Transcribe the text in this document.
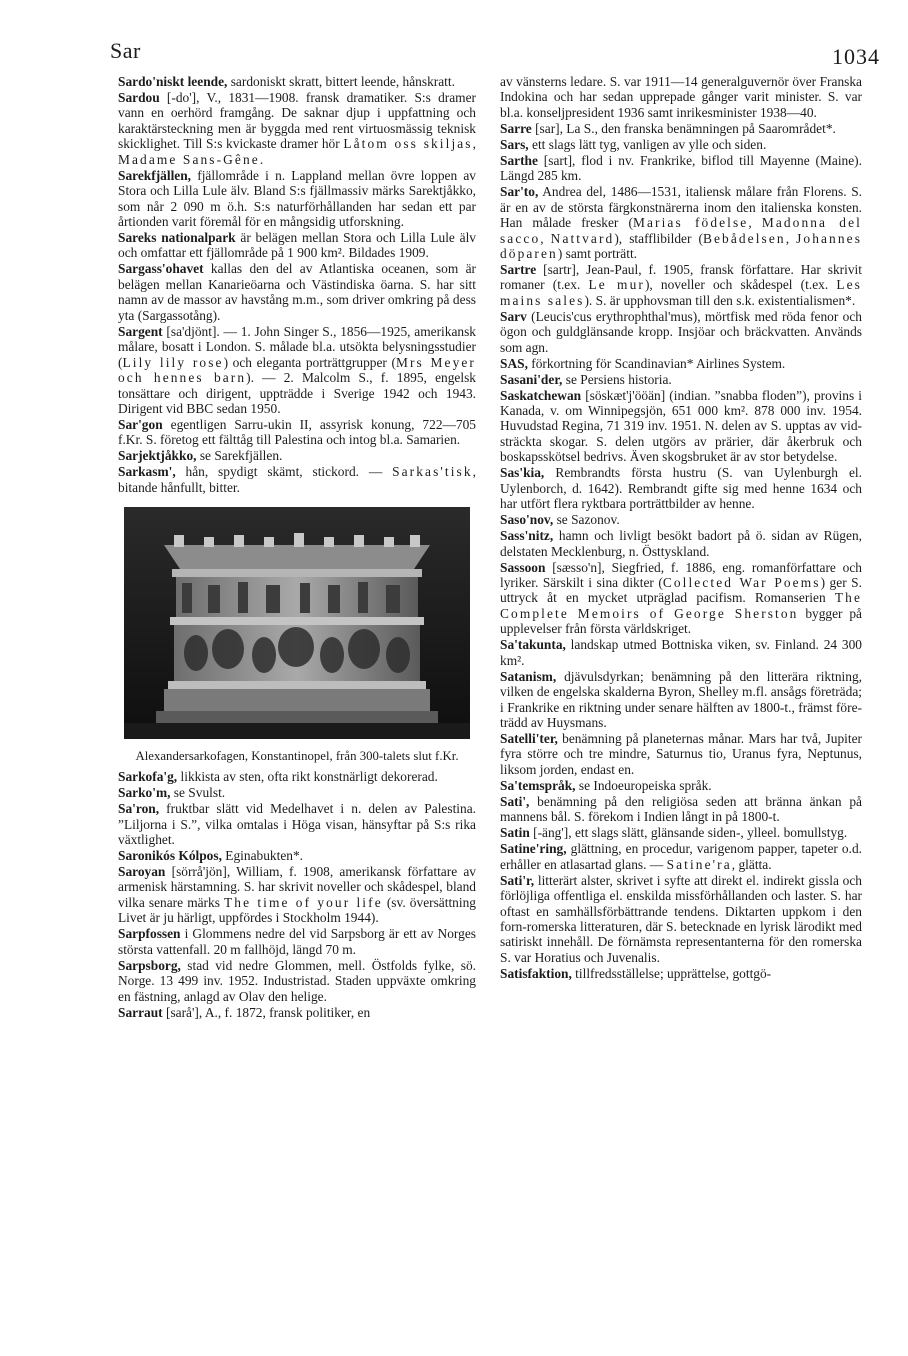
Sar	1034

Sardo'niskt leende, sardoniskt skratt, bittert leende, hånskratt.

Sardou [-do'], V., 1831—1908. fransk dramatiker. S:s dramer vann en oerhörd framgång. De saknar djup i uppfattning och karaktärsteckning men är byggda med rent virtuosmässig teknisk skicklighet. Till S:s kvickaste dramer hör Låtom oss skiljas, Madame Sans-Gêne.

Sarekfjällen, fjällområde i n. Lappland mellan övre loppen av Stora och Lilla Lule älv. Bland S:s fjällmassiv märks Sarektjåkko, som når 2 090 m ö.h. S:s naturförhållanden har sedan ett par årtionden varit föremål för en mångsidig utforskning.

Sareks nationalpark är belägen mellan Stora och Lilla Lule älv och omfattar ett fjällområde på 1 900 km². Bildades 1909.

Sargass'ohavet kallas den del av Atlantiska oceanen, som är belägen mellan Kanarieöarna och Västindiska öarna. S. har sitt namn av de massor av havstång m.m., som driver omkring på dess yta (Sargassotång).

Sargent [sa'djönt]. — 1. John Singer S., 1856—1925, amerikansk målare, bosatt i London. S. målade bl.a. utsökta belysningsstudier (Lily lily rose) och eleganta porträttgrupper (Mrs Meyer och hennes barn). — 2. Malcolm S., f. 1895, engelsk tonsättare och dirigent, uppträdde i Sverige 1942 och 1943. Dirigent vid BBC sedan 1950.

Sar'gon egentligen Sarru-ukin II, assyrisk konung, 722—705 f.Kr. S. företog ett fälttåg till Palestina och intog bl.a. Samarien.

Sarjektjåkko, se Sarekfjällen.

Sarkasm', hån, spydigt skämt, stickord. — Sarkas'tisk, bitande hånfullt, bitter.

Alexandersarkofagen, Konstantinopel, från 300-talets slut f.Kr.

Sarkofa'g, likkista av sten, ofta rikt konstnärligt dekorerad.

Sarko'm, se Svulst.

Sa'ron, fruktbar slätt vid Medelhavet i n. delen av Palestina. ”Liljorna i S.”, vilka omtalas i Höga visan, hänsyftar på S:s rika växtlighet.

Saronikós Kólpos, Eginabukten*.

Saroyan [sörrå'jön], William, f. 1908, amerikansk författare av armenisk härstamning. S. har skrivit noveller och skådespel, bland vilka senare märks The time of your life (sv. översättning Livet är ju härligt, uppfördes i Stockholm 1944).

Sarpfossen i Glommens nedre del vid Sarpsborg är ett av Norges största vattenfall. 20 m fallhöjd, längd 70 m.

Sarpsborg, stad vid nedre Glommen, mell. Östfolds fylke, sö. Norge. 13 499 inv. 1952. Industristad. Staden uppväxte omkring en fästning, anlagd av Olav den helige.

Sarraut [sarå'], A., f. 1872, fransk politiker, en

av vänsterns ledare. S. var 1911—14 generalguvernör över Franska Indokina och har sedan upprepade gånger varit minister. S. var bl.a. konseljpresident 1936 samt inrikesminister 1938—40.

Sarre [sar], La S., den franska benämningen på Saarområdet*.

Sars, ett slags lätt tyg, vanligen av ylle och siden.

Sarthe [sart], flod i nv. Frankrike, biflod till Mayenne (Maine). Längd 285 km.

Sar'to, Andrea del, 1486—1531, italiensk målare från Florens. S. är en av de största färgkonstnärerna inom den italienska konsten. Han målade fresker (Marias födelse, Madonna del sacco, Nattvard), stafflibilder (Bebådelsen, Johannes döparen) samt porträtt.

Sartre [sartr], Jean-Paul, f. 1905, fransk författare. Har skrivit romaner (t.ex. Le mur), noveller och skådespel (t.ex. Les mains sales). S. är upphovsman till den s.k. existentialismen*.

Sarv (Leucis'cus erythrophthal'mus), mörtfisk med röda fenor och ögon och guldglänsande kropp. Insjöar och bräckvatten. Används som agn.

SAS, förkortning för Scandinavian* Airlines System.

Sasani'der, se Persiens historia.

Saskatchewan [söskæt'j'ööän] (indian. ”snabba floden”), provins i Kanada, v. om Winnipegsjön, 651 000 km². 878 000 inv. 1954. Huvudstad Regina, 71 319 inv. 1951. N. delen av S. upptas av vidsträckta skogar. S. delen utgörs av prärier, där åkerbruk och boskapsskötsel bedrivs. Även skogsbruket är av stor betydelse.

Sas'kia, Rembrandts första hustru (S. van Uylenburgh el. Uylenborch, d. 1642). Rembrandt gifte sig med henne 1634 och har utfört flera ryktbara porträttbilder av henne.

Saso'nov, se Sazonov.

Sass'nitz, hamn och livligt besökt badort på ö. sidan av Rügen, delstaten Mecklenburg, n. Östtyskland.

Sassoon [sæsso'n], Siegfried, f. 1886, eng. romanförfattare och lyriker. Särskilt i sina dikter (Collected War Poems) ger S. uttryck åt en mycket utpräglad pacifism. Romanserien The Complete Memoirs of George Sherston bygger på upplevelser från första världskriget.

Sa'takunta, landskap utmed Bottniska viken, sv. Finland. 24 300 km².

Satanism, djävulsdyrkan; benämning på den litterära riktning, vilken de engelska skalderna Byron, Shelley m.fl. ansågs företräda; i Frankrike en riktning under senare hälften av 1800-t., främst företrädd av Huysmans.

Satelli'ter, benämning på planeternas månar. Mars har två, Jupiter fyra större och tre mindre, Saturnus tio, Uranus fyra, Neptunus, liksom jorden, endast en.

Sa'temspråk, se Indoeuropeiska språk.

Sati', benämning på den religiösa seden att bränna änkan på mannens bål. S. förekom i Indien långt in på 1800-t.

Satin [-äng'], ett slags slätt, glänsande siden-, ylleel. bomullstyg.

Satine'ring, glättning, en procedur, varigenom papper, tapeter o.d. erhåller en atlasartad glans. — Satine'ra, glätta.

Sati'r, litterärt alster, skrivet i syfte att direkt el. indirekt gissla och förlöjliga offentliga el. enskilda missförhållanden och laster. S. har oftast en samhällsförbättrande tendens. Diktarten uppkom i den forn-romerska litteraturen, där S. betecknade en lyrisk lärodikt med satiriskt innehåll. De förnämsta representanterna för den romerska S. var Horatius och Juvenalis.

Satisfaktion, tillfredsställelse; upprättelse, gottgö-
